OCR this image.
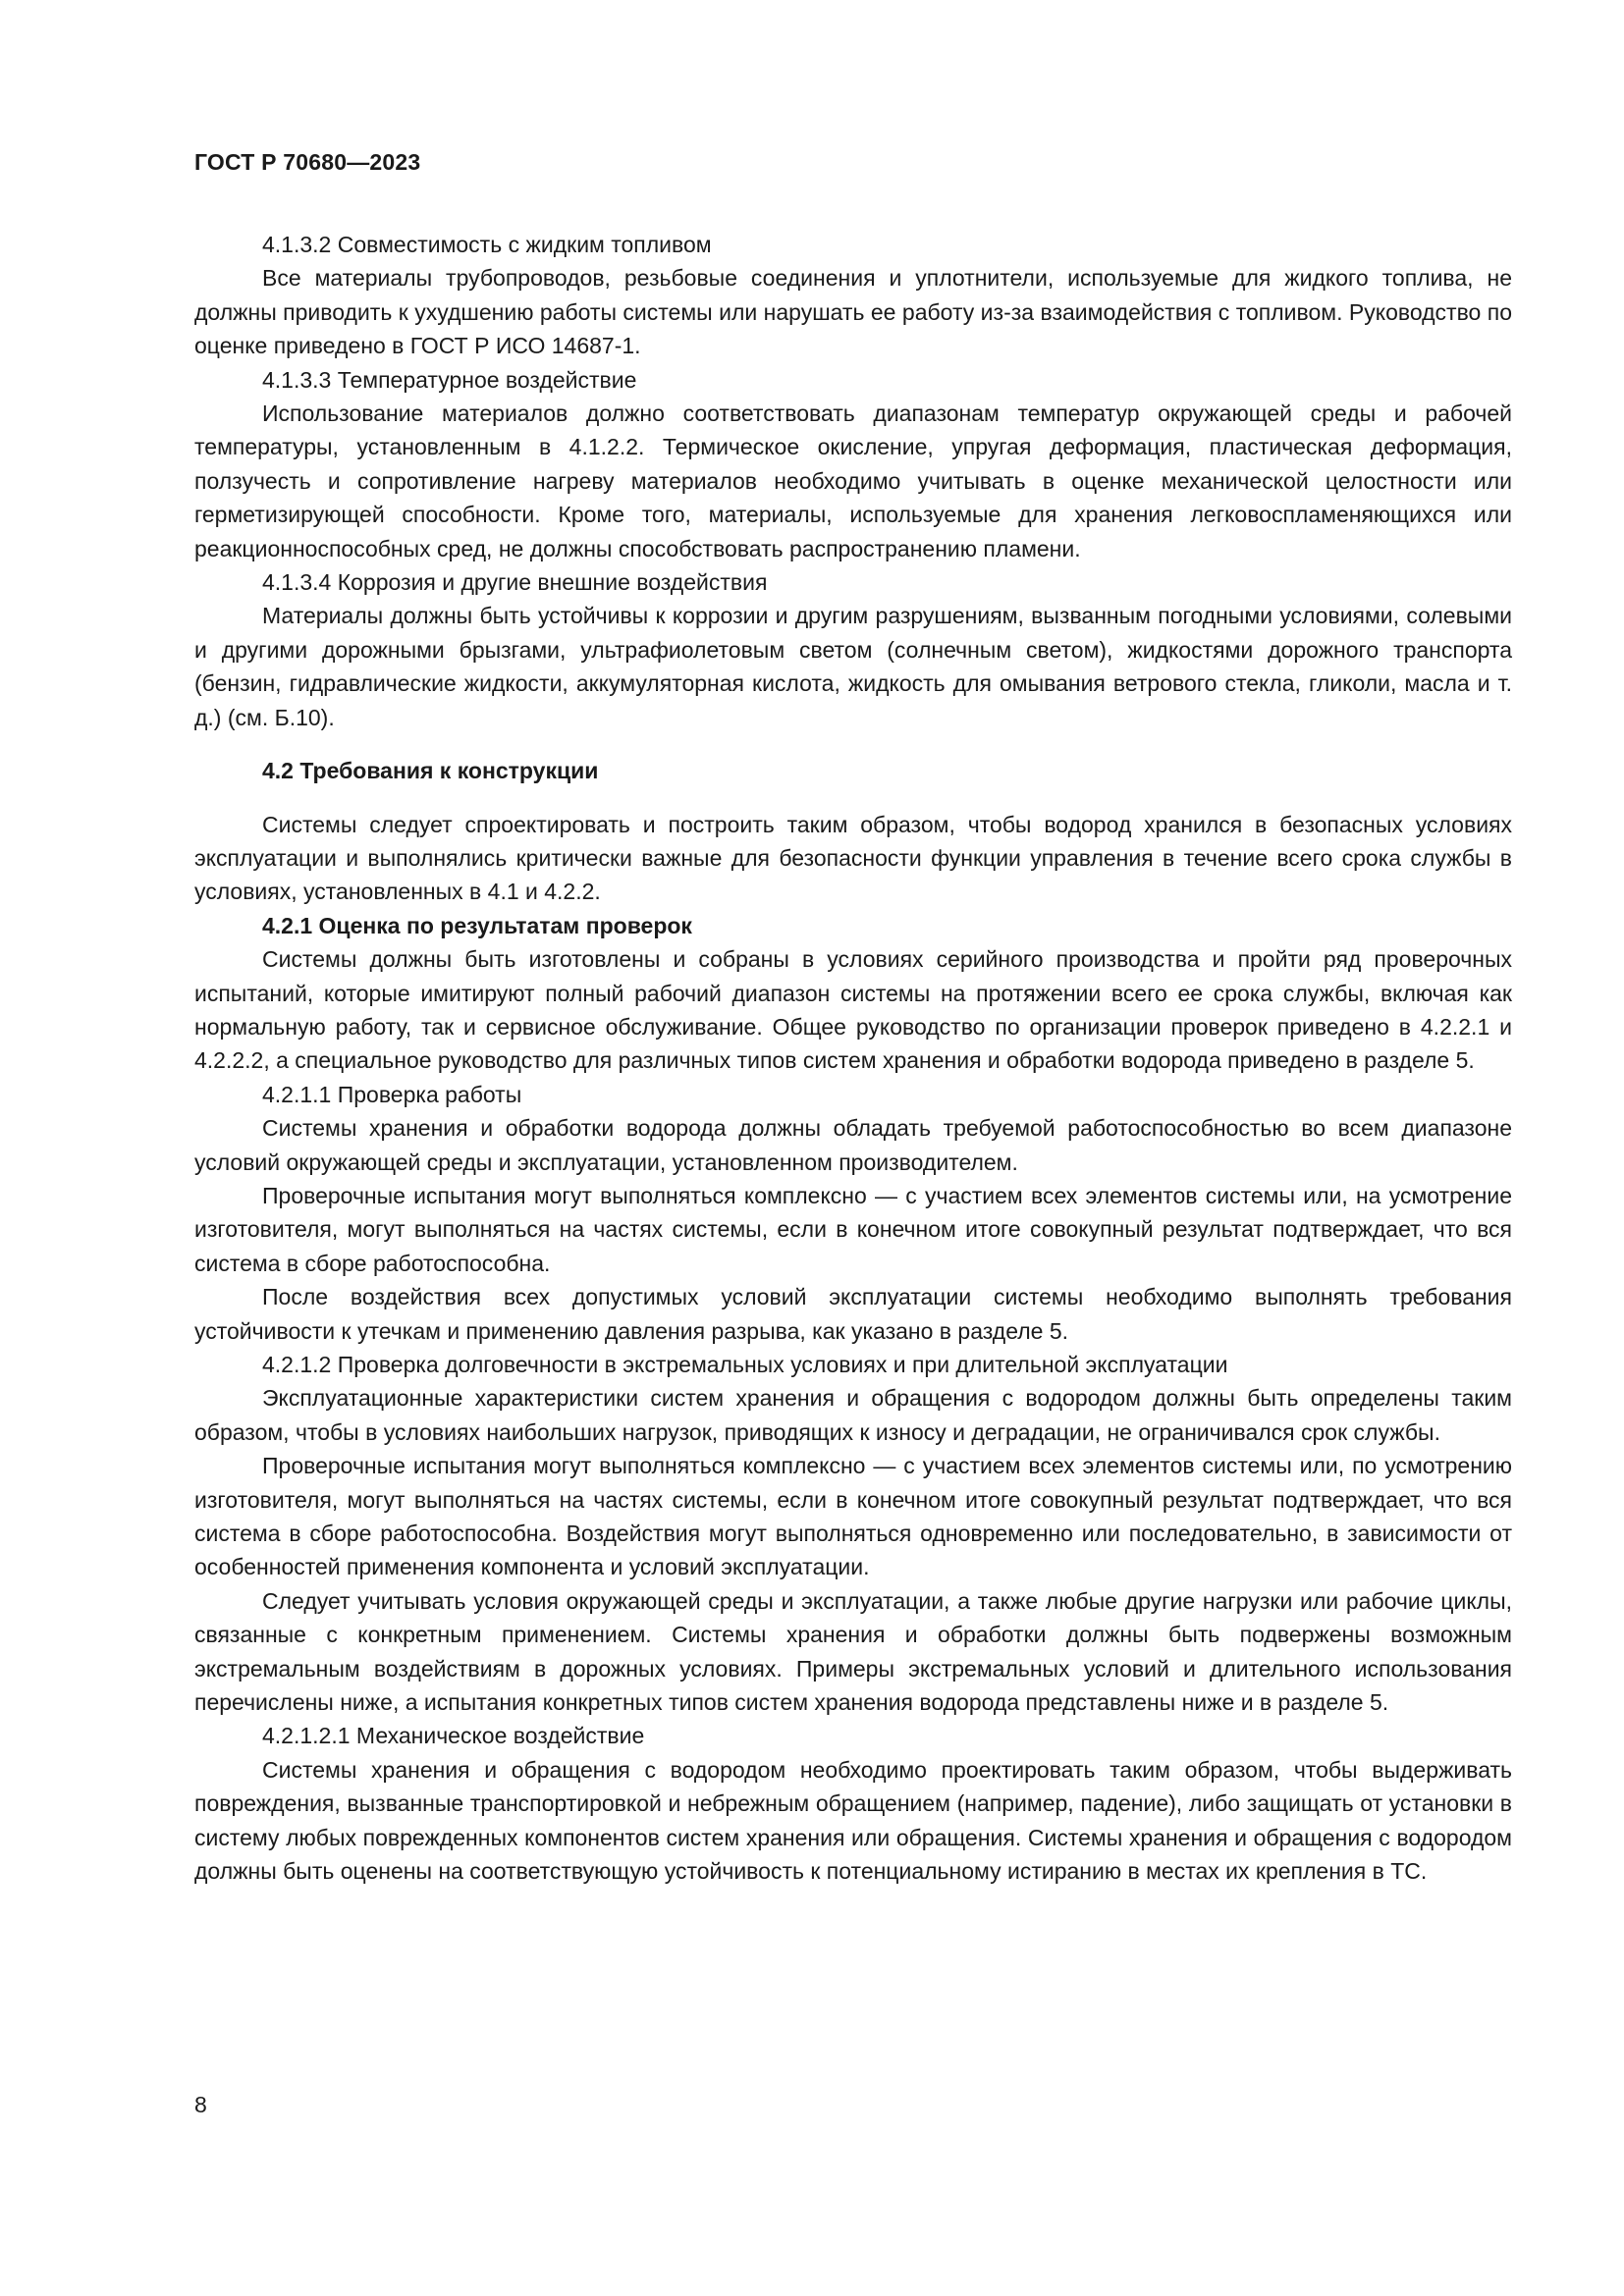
ГОСТ Р 70680—2023

4.1.3.2 Совместимость с жидким топливом

Все материалы трубопроводов, резьбовые соединения и уплотнители, используемые для жидкого топлива, не должны приводить к ухудшению работы системы или нарушать ее работу из-за взаимодействия с топливом. Руководство по оценке приведено в ГОСТ Р ИСО 14687-1.

4.1.3.3 Температурное воздействие

Использование материалов должно соответствовать диапазонам температур окружающей среды и рабочей температуры, установленным в 4.1.2.2. Термическое окисление, упругая деформация, пластическая деформация, ползучесть и сопротивление нагреву материалов необходимо учитывать в оценке механической целостности или герметизирующей способности. Кроме того, материалы, используемые для хранения легковоспламеняющихся или реакционноспособных сред, не должны способствовать распространению пламени.

4.1.3.4 Коррозия и другие внешние воздействия

Материалы должны быть устойчивы к коррозии и другим разрушениям, вызванным погодными условиями, солевыми и другими дорожными брызгами, ультрафиолетовым светом (солнечным светом), жидкостями дорожного транспорта (бензин, гидравлические жидкости, аккумуляторная кислота, жидкость для омывания ветрового стекла, гликоли, масла и т. д.) (см. Б.10).

4.2 Требования к конструкции

Системы следует спроектировать и построить таким образом, чтобы водород хранился в безопасных условиях эксплуатации и выполнялись критически важные для безопасности функции управления в течение всего срока службы в условиях, установленных в 4.1 и 4.2.2.

4.2.1 Оценка по результатам проверок

Системы должны быть изготовлены и собраны в условиях серийного производства и пройти ряд проверочных испытаний, которые имитируют полный рабочий диапазон системы на протяжении всего ее срока службы, включая как нормальную работу, так и сервисное обслуживание. Общее руководство по организации проверок приведено в 4.2.2.1 и 4.2.2.2, а специальное руководство для различных типов систем хранения и обработки водорода приведено в разделе 5.

4.2.1.1 Проверка работы

Системы хранения и обработки водорода должны обладать требуемой работоспособностью во всем диапазоне условий окружающей среды и эксплуатации, установленном производителем.

Проверочные испытания могут выполняться комплексно — с участием всех элементов системы или, на усмотрение изготовителя, могут выполняться на частях системы, если в конечном итоге совокупный результат подтверждает, что вся система в сборе работоспособна.

После воздействия всех допустимых условий эксплуатации системы необходимо выполнять требования устойчивости к утечкам и применению давления разрыва, как указано в разделе 5.

4.2.1.2 Проверка долговечности в экстремальных условиях и при длительной эксплуатации

Эксплуатационные характеристики систем хранения и обращения с водородом должны быть определены таким образом, чтобы в условиях наибольших нагрузок, приводящих к износу и деградации, не ограничивался срок службы.

Проверочные испытания могут выполняться комплексно — с участием всех элементов системы или, по усмотрению изготовителя, могут выполняться на частях системы, если в конечном итоге совокупный результат подтверждает, что вся система в сборе работоспособна. Воздействия могут выполняться одновременно или последовательно, в зависимости от особенностей применения компонента и условий эксплуатации.

Следует учитывать условия окружающей среды и эксплуатации, а также любые другие нагрузки или рабочие циклы, связанные с конкретным применением. Системы хранения и обработки должны быть подвержены возможным экстремальным воздействиям в дорожных условиях. Примеры экстремальных условий и длительного использования перечислены ниже, а испытания конкретных типов систем хранения водорода представлены ниже и в разделе 5.

4.2.1.2.1 Механическое воздействие

Системы хранения и обращения с водородом необходимо проектировать таким образом, чтобы выдерживать повреждения, вызванные транспортировкой и небрежным обращением (например, падение), либо защищать от установки в систему любых поврежденных компонентов систем хранения или обращения. Системы хранения и обращения с водородом должны быть оценены на соответствующую устойчивость к потенциальному истиранию в местах их крепления в ТС.

8
